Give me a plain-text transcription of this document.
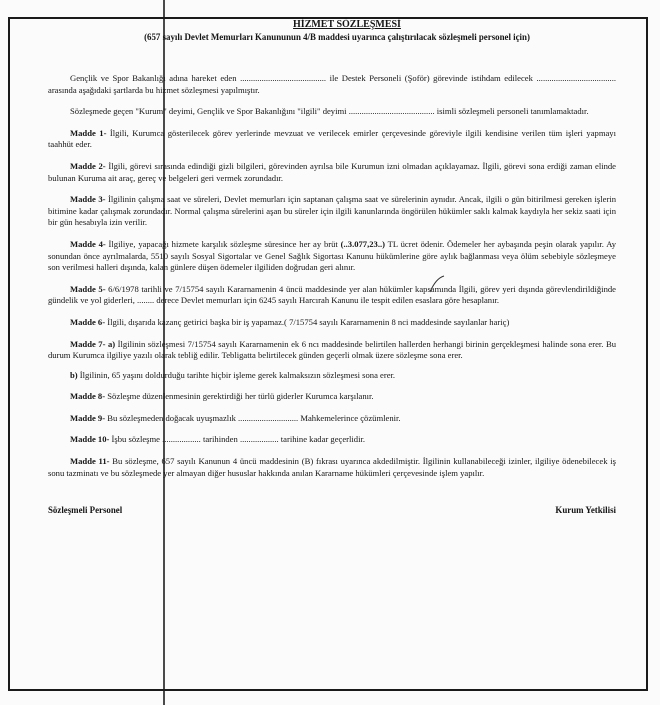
HİZMET SÖZLEŞMESİ

(657 sayılı Devlet Memurları Kanununun 4/B maddesi uyarınca çalıştırılacak sözleşmeli personel için)

Gençlik ve Spor Bakanlığı adına hareket eden ........................................ ile Destek Personeli (Şoför) görevinde istihdam edilecek ..................................... arasında aşağıdaki şartlarda bu hizmet sözleşmesi yapılmıştır.

Sözleşmede geçen "Kurum" deyimi, Gençlik ve Spor Bakanlığını "ilgili" deyimi ........................................ isimli sözleşmeli personeli tanımlamaktadır.

Madde 1- İlgili, Kurumca gösterilecek görev yerlerinde mevzuat ve verilecek emirler çerçevesinde göreviyle ilgili kendisine verilen tüm işleri yapmayı taahhüt eder.

Madde 2- İlgili, görevi sırasında edindiği gizli bilgileri, görevinden ayrılsa bile Kurumun izni olmadan açıklayamaz. İlgili, görevi sona erdiği zaman elinde bulunan Kuruma ait araç, gereç ve belgeleri geri vermek zorundadır.

Madde 3- İlgilinin çalışma saat ve süreleri, Devlet memurları için saptanan çalışma saat ve sürelerinin aynıdır. Ancak, ilgili o gün bitirilmesi gereken işlerin bitimine kadar çalışmak zorundadır. Normal çalışma sürelerini aşan bu süreler için ilgili kanunlarında öngörülen hükümler saklı kalmak kaydıyla her sekiz saati için bir gün hesabıyla izin verilir.

Madde 4- İlgiliye, yapacağı hizmete karşılık sözleşme süresince her ay brüt (..3.077,23..) TL ücret ödenir. Ödemeler her aybaşında peşin olarak yapılır. Ay sonundan önce ayrılmalarda, 5510 sayılı Sosyal Sigortalar ve Genel Sağlık Sigortası Kanunu hükümlerine göre aylık bağlanması veya ölüm sebebiyle sözleşmeye son verilmesi halleri dışında, kalan günlere düşen ödemeler ilgiliden doğrudan geri alınır.

Madde 5- 6/6/1978 tarihli ve 7/15754 sayılı Kararnamenin 4 üncü maddesinde yer alan hükümler kapsamında İlgili, görev yeri dışında görevlendirildiğinde gündelik ve yol giderleri, ........ derece Devlet memurları için 6245 sayılı Harcırah Kanunu ile tespit edilen esaslara göre hesaplanır.

Madde 6- İlgili, dışarıda kazanç getirici başka bir iş yapamaz.( 7/15754 sayılı Kararnamenin 8 nci maddesinde sayılanlar hariç)

Madde 7- a) İlgilinin sözleşmesi 7/15754 sayılı Kararnamenin ek 6 ncı maddesinde belirtilen hallerden herhangi birinin gerçekleşmesi halinde sona erer. Bu durum Kurumca ilgiliye yazılı olarak tebliğ edilir. Tebligatta belirtilecek günden geçerli olmak üzere sözleşme sona erer.

b) İlgilinin, 65 yaşını doldurduğu tarihte hiçbir işleme gerek kalmaksızın sözleşmesi sona erer.

Madde 8- Sözleşme düzenlenmesinin gerektirdiği her türlü giderler Kurumca karşılanır.

Madde 9- Bu sözleşmeden doğacak uyuşmazlık ............................ Mahkemelerince çözümlenir.

Madde 10- İşbu sözleşme .................. tarihinden .................. tarihine kadar geçerlidir.

Madde 11- Bu sözleşme, 657 sayılı Kanunun 4 üncü maddesinin (B) fıkrası uyarınca akdedilmiştir. İlgilinin kullanabileceği izinler, ilgiliye ödenebilecek iş sonu tazminatı ve bu sözleşmede yer almayan diğer hususlar hakkında anılan Kararname hükümleri çerçevesinde işlem yapılır.

Sözleşmeli Personel	Kurum Yetkilisi
